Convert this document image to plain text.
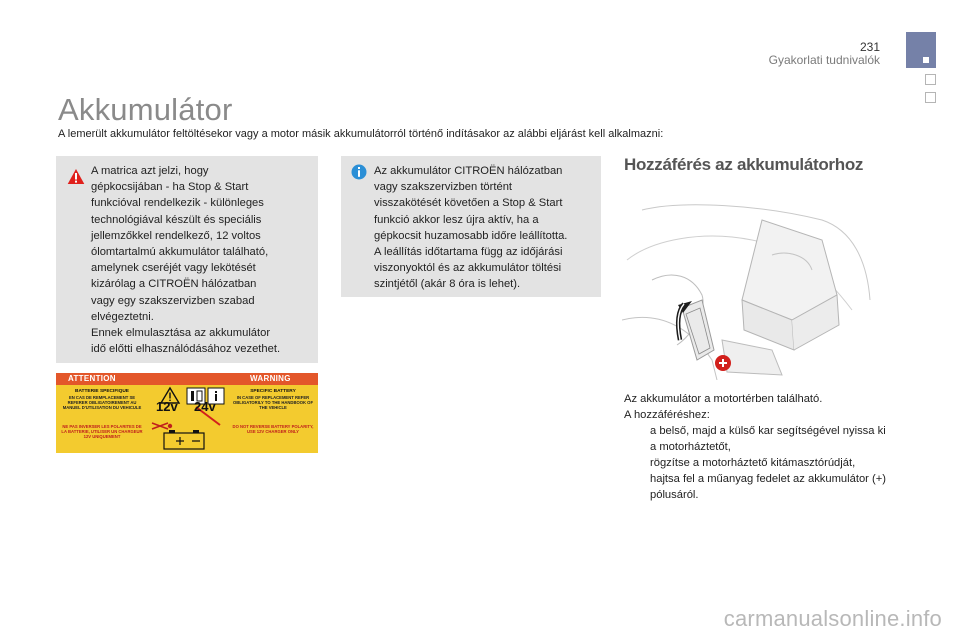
231
Gyakorlati tudnivalók
Akkumulátor
A lemerült akkumulátor feltöltésekor vagy a motor másik akkumulátorról történő indításakor az alábbi eljárást kell alkalmazni:
A matrica azt jelzi, hogy
gépkocsijában - ha Stop & Start
funkcióval rendelkezik - különleges
technológiával készült és speciális
jellemzőkkel rendelkező, 12 voltos
ólomtartalmú akkumulátor található,
amelynek cseréjét vagy lekötését
kizárólag a CITROËN hálózatban
vagy egy szakszervizben szabad
elvégeztetni.
Ennek elmulasztása az akkumulátor
idő előtti elhasználódásához vezethet.
Az akkumulátor CITROËN hálózatban
vagy szakszervizben történt
visszakötését követően a Stop & Start
funkció akkor lesz újra aktív, ha a
gépkocsit huzamosabb időre leállította.
A leállítás időtartama függ az időjárási
viszonyoktól és az akkumulátor töltési
szintjétől (akár 8 óra is lehet).
ATTENTION	WARNING
BATTERIE SPECIFIQUE
EN CAS DE REMPLACEMENT SE REFERER OBLIGATOIREMENT AU MANUEL D'UTILISATION DU VEHICULE
NE PAS INVERSER LES POLARITES DE LA BATTERIE, UTILISER UN CHARGEUR 12V UNIQUEMENT
SPECIFIC BATTERY
IN CASE OF REPLACEMENT REFER OBLIGATORILY TO THE HANDBOOK OF THE VEHICLE
DO NOT REVERSE BATTERY POLARITY, USE 12V CHARGER ONLY
12v 24v
Hozzáférés az akkumulátorhoz
Az akkumulátor a motortérben található.
A hozzáféréshez:
a belső, majd a külső kar segítségével nyissa ki a motorháztetőt,
rögzítse a motorháztető kitámasztórúdját,
hajtsa fel a műanyag fedelet az akkumulátor (+) pólusáról.
carmanualsonline.info
